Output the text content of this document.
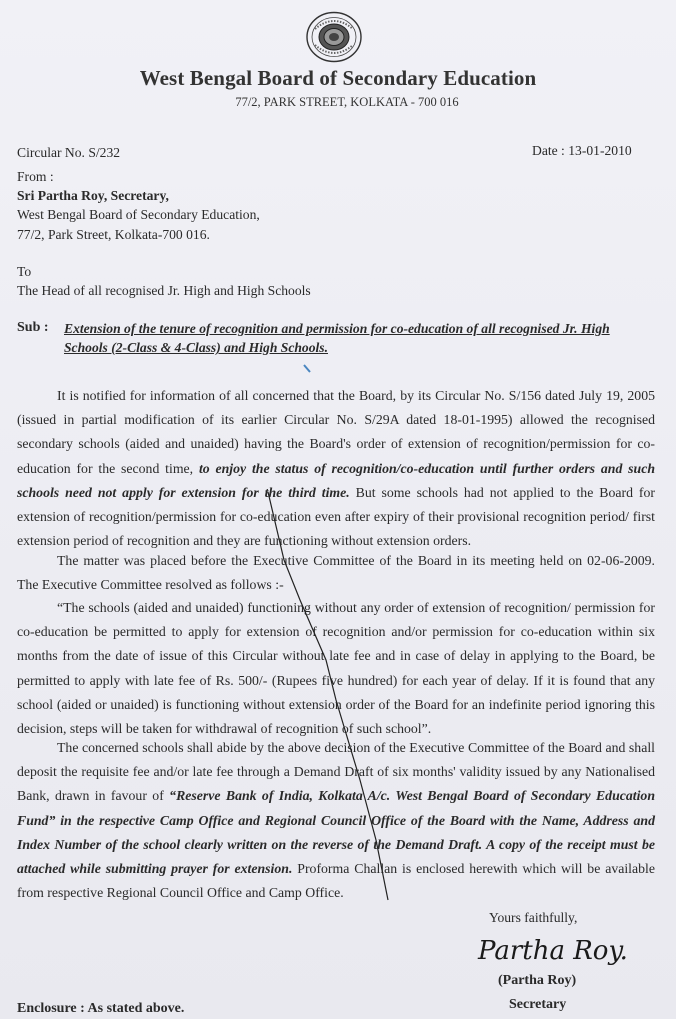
West Bengal Board of Secondary Education
77/2, PARK STREET, KOLKATA - 700 016
Circular No. S/232	Date : 13-01-2010
From :
Sri Partha Roy, Secretary,
West Bengal Board of Secondary Education,
77/2, Park Street, Kolkata-700 016.
To
The Head of all recognised Jr. High and High Schools
Sub : Extension of the tenure of recognition and permission for co-education of all recognised Jr. High Schools (2-Class & 4-Class) and High Schools.
It is notified for information of all concerned that the Board, by its Circular No. S/156 dated July 19, 2005 (issued in partial modification of its earlier Circular No. S/29A dated 18-01-1995) allowed the recognised secondary schools (aided and unaided) having the Board's order of extension of recognition/permission for co-education for the second time, to enjoy the status of recognition/co-education until further orders and such schools need not apply for extension for the third time. But some schools had not applied to the Board for extension of recognition/permission for co-education even after expiry of their provisional recognition period/ first extension period of recognition and they are functioning without extension orders.
The matter was placed before the Executive Committee of the Board in its meeting held on 02-06-2009. The Executive Committee resolved as follows :-
“The schools (aided and unaided) functioning without any order of extension of recognition/ permission for co-education be permitted to apply for extension of recognition and/or permission for co-education within six months from the date of issue of this Circular without late fee and in case of delay in applying to the Board, be permitted to apply with late fee of Rs. 500/- (Rupees five hundred) for each year of delay. If it is found that any school (aided or unaided) is functioning without extension order of the Board for an indefinite period ignoring this decision, steps will be taken for withdrawal of recognition of such school”.
The concerned schools shall abide by the above decision of the Executive Committee of the Board and shall deposit the requisite fee and/or late fee through a Demand Draft of six months' validity issued by any Nationalised Bank, drawn in favour of “Reserve Bank of India, Kolkata A/c. West Bengal Board of Secondary Education Fund” in the respective Camp Office and Regional Council Office of the Board with the Name, Address and Index Number of the school clearly written on the reverse of the Demand Draft. A copy of the receipt must be attached while submitting prayer for extension. Proforma Challan is enclosed herewith which will be available from respective Regional Council Office and Camp Office.
Yours faithfully,
Partha Roy.
(Partha Roy)
Secretary
Enclosure : As stated above.
